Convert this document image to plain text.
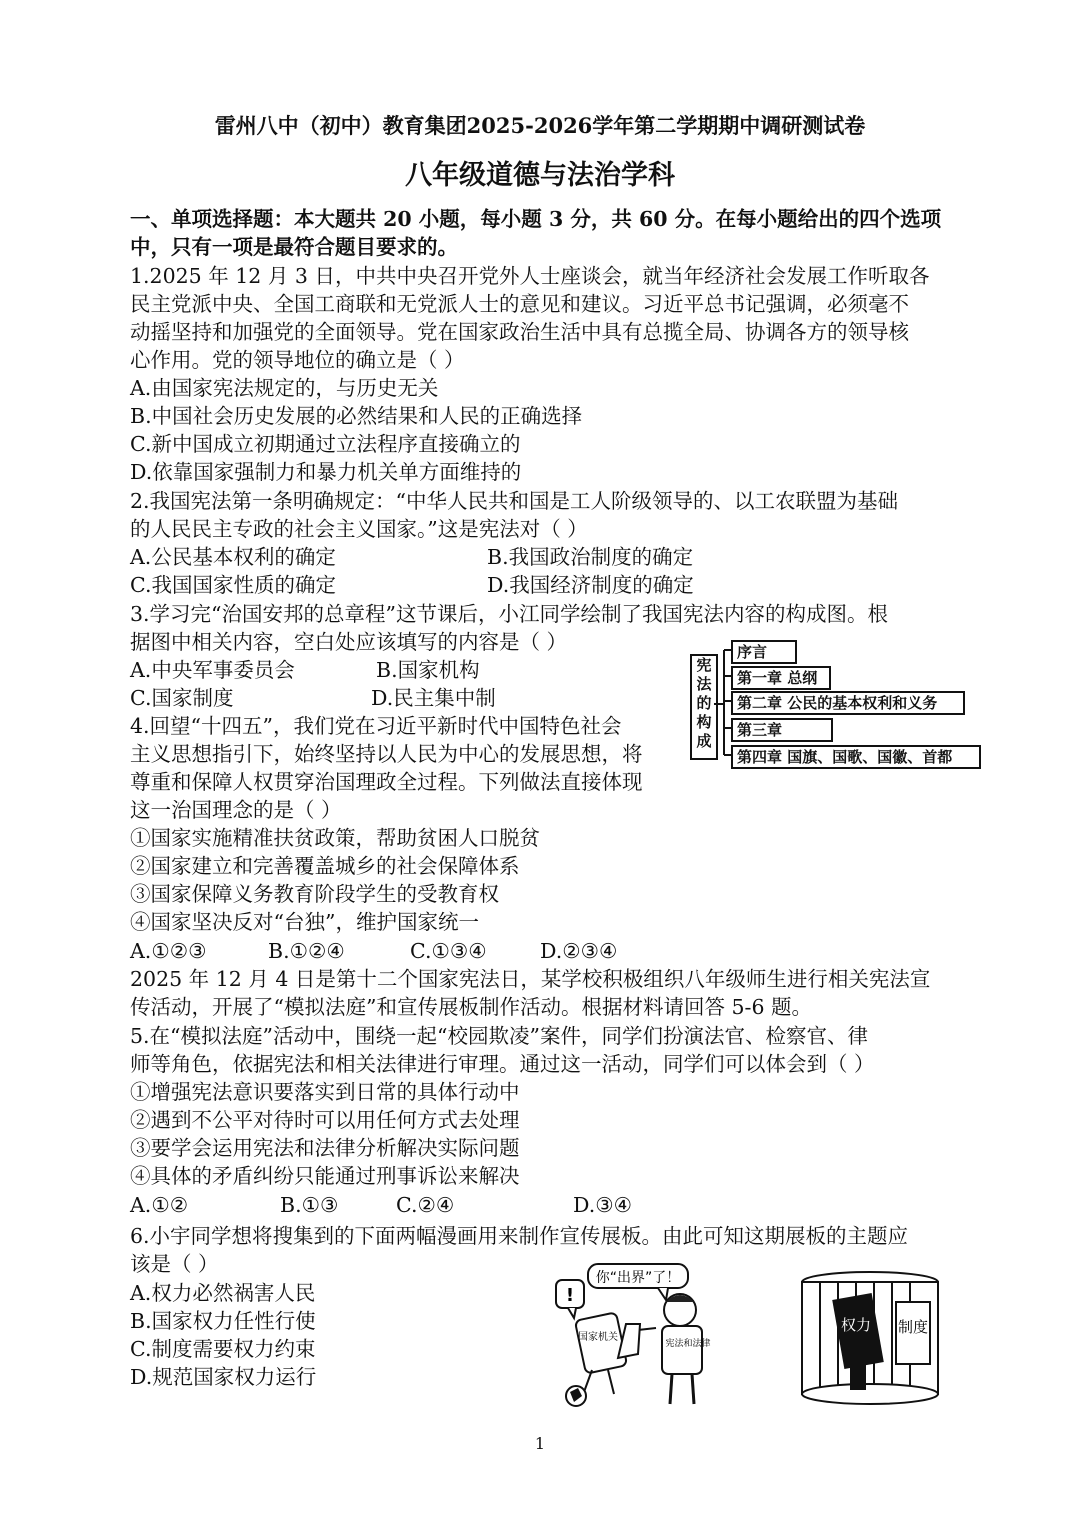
雷州八中（初中）教育集团2025-2026学年第二学期期中调研测试卷
八年级道德与法治学科
一、单项选择题：本大题共 20 小题，每小题 3 分，共 60 分。在每小题给出的四个选项
中，只有一项是最符合题目要求的。
1.2025 年 12 月 3 日，中共中央召开党外人士座谈会，就当年经济社会发展工作听取各
民主党派中央、全国工商联和无党派人士的意见和建议。习近平总书记强调，必须毫不
动摇坚持和加强党的全面领导。党在国家政治生活中具有总揽全局、协调各方的领导核
心作用。党的领导地位的确立是（ ）
A.由国家宪法规定的，与历史无关
B.中国社会历史发展的必然结果和人民的正确选择
C.新中国成立初期通过立法程序直接确立的
D.依靠国家强制力和暴力机关单方面维持的
2.我国宪法第一条明确规定：“中华人民共和国是工人阶级领导的、以工农联盟为基础
的人民民主专政的社会主义国家。”这是宪法对（ ）
A.公民基本权利的确定	B.我国政治制度的确定
C.我国国家性质的确定	D.我国经济制度的确定
3.学习完“治国安邦的总章程”这节课后，小江同学绘制了我国宪法内容的构成图。根
据图中相关内容，空白处应该填写的内容是（ ）
A.中央军事委员会	B.国家机构
C.国家制度	D.民主集中制
宪法的构成
序言
第一章 总纲
第二章 公民的基本权利和义务
第三章
第四章 国旗、国歌、国徽、首都
4.回望“十四五”，我们党在习近平新时代中国特色社会
主义思想指引下，始终坚持以人民为中心的发展思想，将
尊重和保障人权贯穿治国理政全过程。下列做法直接体现
这一治国理念的是（ ）
①国家实施精准扶贫政策，帮助贫困人口脱贫
②国家建立和完善覆盖城乡的社会保障体系
③国家保障义务教育阶段学生的受教育权
④国家坚决反对“台独”，维护国家统一
A.①②③	B.①②④	C.①③④	D.②③④
2025 年 12 月 4 日是第十二个国家宪法日，某学校积极组织八年级师生进行相关宪法宣
传活动，开展了“模拟法庭”和宣传展板制作活动。根据材料请回答 5-6 题。
5.在“模拟法庭”活动中，围绕一起“校园欺凌”案件，同学们扮演法官、检察官、律
师等角色，依据宪法和相关法律进行审理。通过这一活动，同学们可以体会到（ ）
①增强宪法意识要落实到日常的具体行动中
②遇到不公平对待时可以用任何方式去处理
③要学会运用宪法和法律分析解决实际问题
④具体的矛盾纠纷只能通过刑事诉讼来解决
A.①②	B.①③	C.②④	D.③④
6.小宇同学想将搜集到的下面两幅漫画用来制作宣传展板。由此可知这期展板的主题应
该是（ ）
A.权力必然祸害人民
B.国家权力任性行使
C.制度需要权力约束
D.规范国家权力运行
!
你“出界”了！
国家机关
宪法和法律
权力 制度
1
